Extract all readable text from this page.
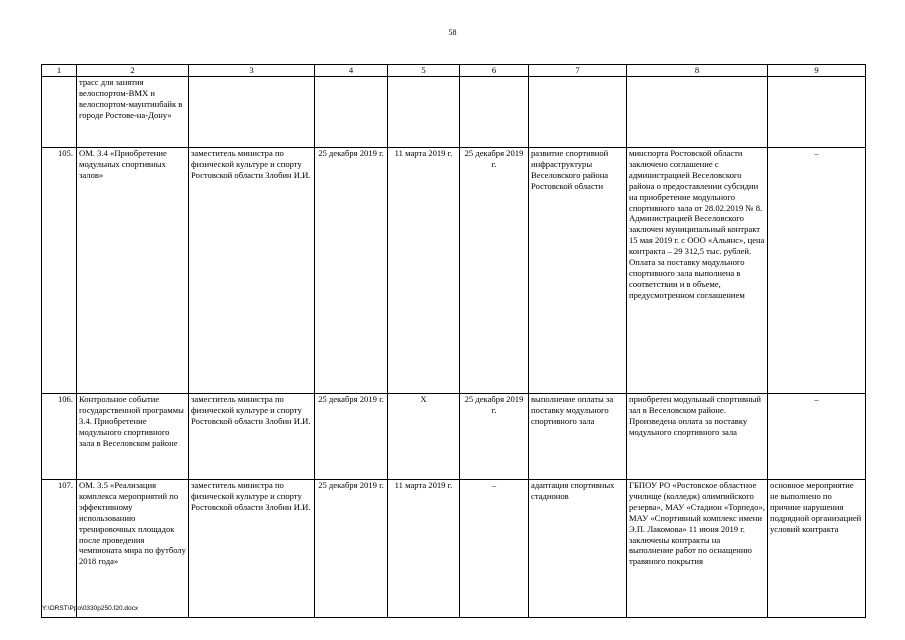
58
1	2	3	4	5	6	7	8	9
	трасс для занятия велоспортом-BMX и велоспортом-маунтинбайк в городе Ростове-на-Дону»							
105.	ОМ. 3.4 «Приобретение модульных спортивных залов»	заместитель министра по физической культуре и спорту Ростовской области Злобин И.И.	25 декабря 2019 г.	11 марта 2019 г.	25 декабря 2019 г.	развитие спортивной инфраструктуры Веселовского района Ростовской области	минспорта Ростовской области заключено соглашение с администрацией Веселовского района о предоставлении субсидии на приобретение модульного спортивного зала от 28.02.2019 № 8. Администрацией Веселовского заключен муниципальный контракт 15 мая 2019 г. с ООО «Альянс», цена контракта – 29 312,5 тыс. рублей. Оплата за поставку модульного спортивного зала выполнена в соответствии и в объеме, предусмотренном соглашением	–
106.	Контрольное событие государственной программы 3.4. Приобретение модульного спортивного зала в Веселовском районе	заместитель министра по физической культуре и спорту Ростовской области Злобин И.И.	25 декабря 2019 г.	X	25 декабря 2019 г.	выполнение оплаты за поставку модульного спортивного зала	приобретен модульный спортивный зал в Веселовском районе. Произведена оплата за поставку модульного спортивного зала	–
107.	ОМ. 3.5 «Реализация комплекса мероприятий по эффективному использованию тренировочных площадок после проведения чемпионата мира по футболу 2018 года»	заместитель министра по физической культуре и спорту Ростовской области Злобин И.И.	25 декабря 2019 г.	11 марта 2019 г.	–	адаптация спортивных стадионов	ГБПОУ РО «Ростовское областное училище (колледж) олимпийского резерва», МАУ «Стадион «Торпедо», МАУ «Спортивный комплекс имени Э.П. Лакомова» 11 июня 2019 г. заключены контракты на выполнение работ по оснащению травяного покрытия	основное мероприятие не выполнено по причине нарушения подрядной организацией условий контракта
Y:\ORST\Ppo\0330p250.f20.docx
